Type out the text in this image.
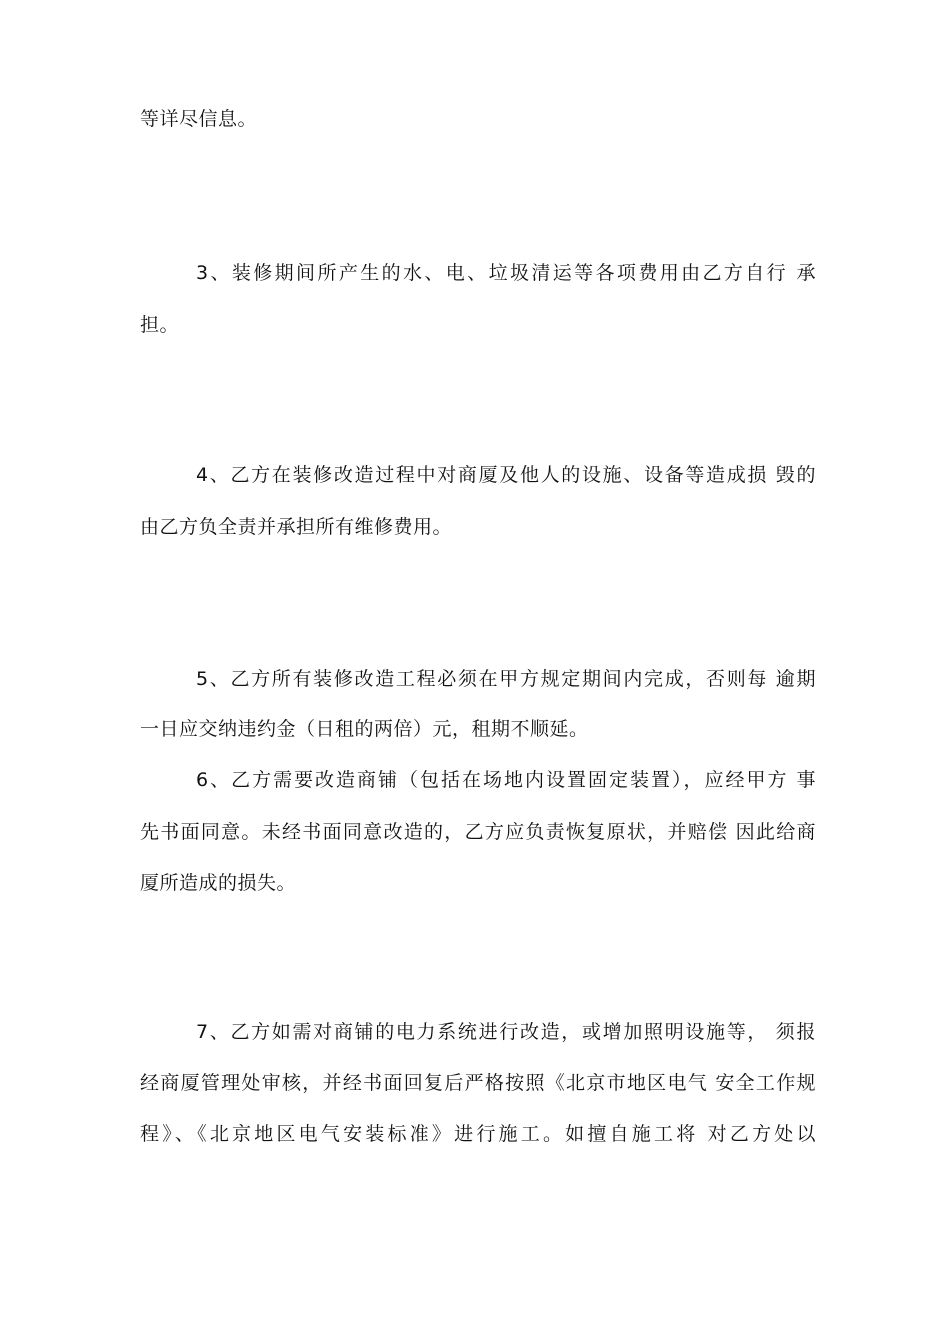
等详尽信息。
3、装修期间所产生的水、电、垃圾清运等各项费用由乙方自行 承
担。
4、乙方在装修改造过程中对商厦及他人的设施、设备等造成损 毁的
由乙方负全责并承担所有维修费用。
5、乙方所有装修改造工程必须在甲方规定期间内完成，否则每 逾期
一日应交纳违约金（日租的两倍）元，租期不顺延。
6、乙方需要改造商铺（包括在场地内设置固定装置），应经甲方 事
先书面同意。未经书面同意改造的，乙方应负责恢复原状，并赔偿 因此给商
厦所造成的损失。
7、乙方如需对商铺的电力系统进行改造，或增加照明设施等， 须报
经商厦管理处审核，并经书面回复后严格按照《北京市地区电气 安全工作规
程》、《北京地区电气安装标准》进行施工。如擅自施工将 对乙方处以
